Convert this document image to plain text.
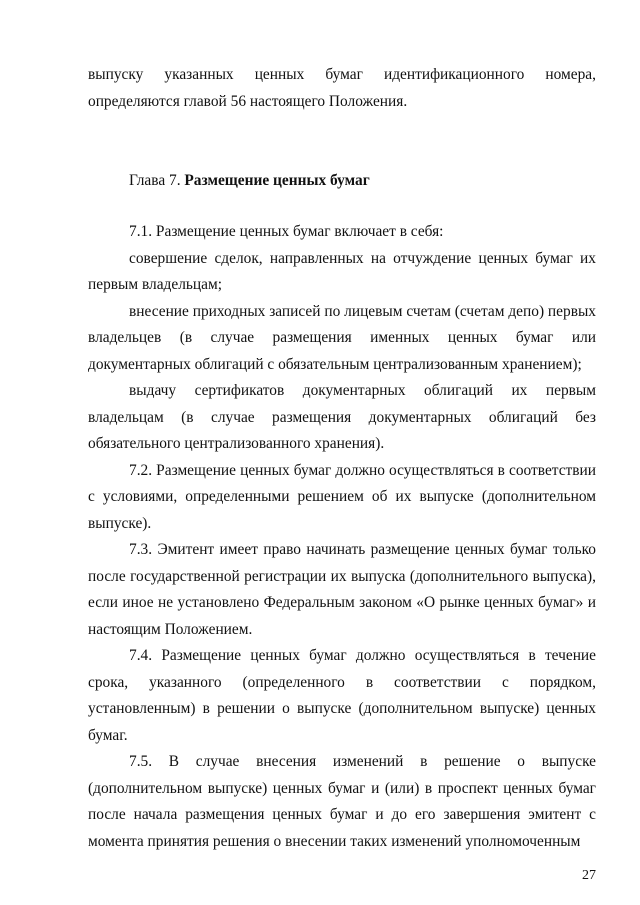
выпуску указанных ценных бумаг идентификационного номера, определяются главой 56 настоящего Положения.

Глава 7. Размещение ценных бумаг

7.1. Размещение ценных бумаг включает в себя:

совершение сделок, направленных на отчуждение ценных бумаг их первым владельцам;

внесение приходных записей по лицевым счетам (счетам депо) первых владельцев (в случае размещения именных ценных бумаг или документарных облигаций с обязательным централизованным хранением);

выдачу сертификатов документарных облигаций их первым владельцам (в случае размещения документарных облигаций без обязательного централизованного хранения).

7.2. Размещение ценных бумаг должно осуществляться в соответствии с условиями, определенными решением об их выпуске (дополнительном выпуске).

7.3. Эмитент имеет право начинать размещение ценных бумаг только после государственной регистрации их выпуска (дополнительного выпуска), если иное не установлено Федеральным законом «О рынке ценных бумаг» и настоящим Положением.

7.4. Размещение ценных бумаг должно осуществляться в течение срока, указанного (определенного в соответствии с порядком, установленным) в решении о выпуске (дополнительном выпуске) ценных бумаг.

7.5. В случае внесения изменений в решение о выпуске (дополнительном выпуске) ценных бумаг и (или) в проспект ценных бумаг после начала размещения ценных бумаг и до его завершения эмитент с момента принятия решения о внесении таких изменений уполномоченным

27
